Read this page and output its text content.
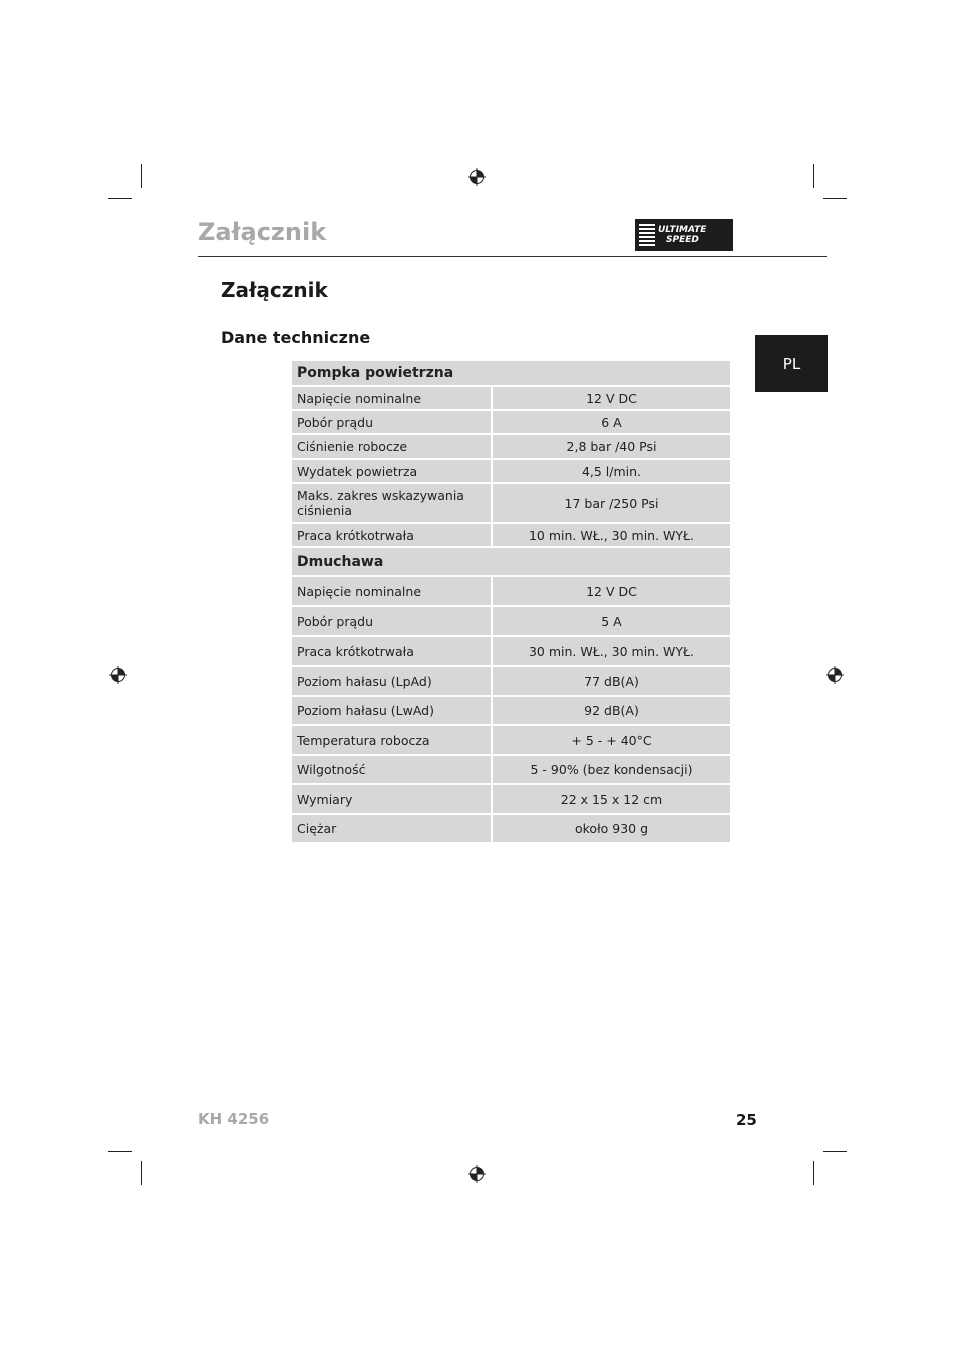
Załącznik	ULTIMATE
SPEED
PL
Załącznik
Dane techniczne
Pompka powietrzna	
Napięcie nominalne	12 V DC
Pobór prądu	6 A
Ciśnienie robocze	2,8 bar /40 Psi
Wydatek powietrza	4,5 l/min.
Maks. zakres wskazywania ciśnienia	17 bar /250 Psi
Praca krótkotrwała	10 min. WŁ., 30 min. WYŁ.
Dmuchawa	
Napięcie nominalne	12 V DC
Pobór prądu	5 A
Praca krótkotrwała	30 min. WŁ., 30 min. WYŁ.
Poziom hałasu (LpAd)	77 dB(A)
Poziom hałasu (LwAd)	92 dB(A)
Temperatura robocza	+ 5 - + 40°C
Wilgotność	5 - 90% (bez kondensacji)
Wymiary	22 x 15 x 12 cm
Ciężar	około 930 g
KH 4256	25
